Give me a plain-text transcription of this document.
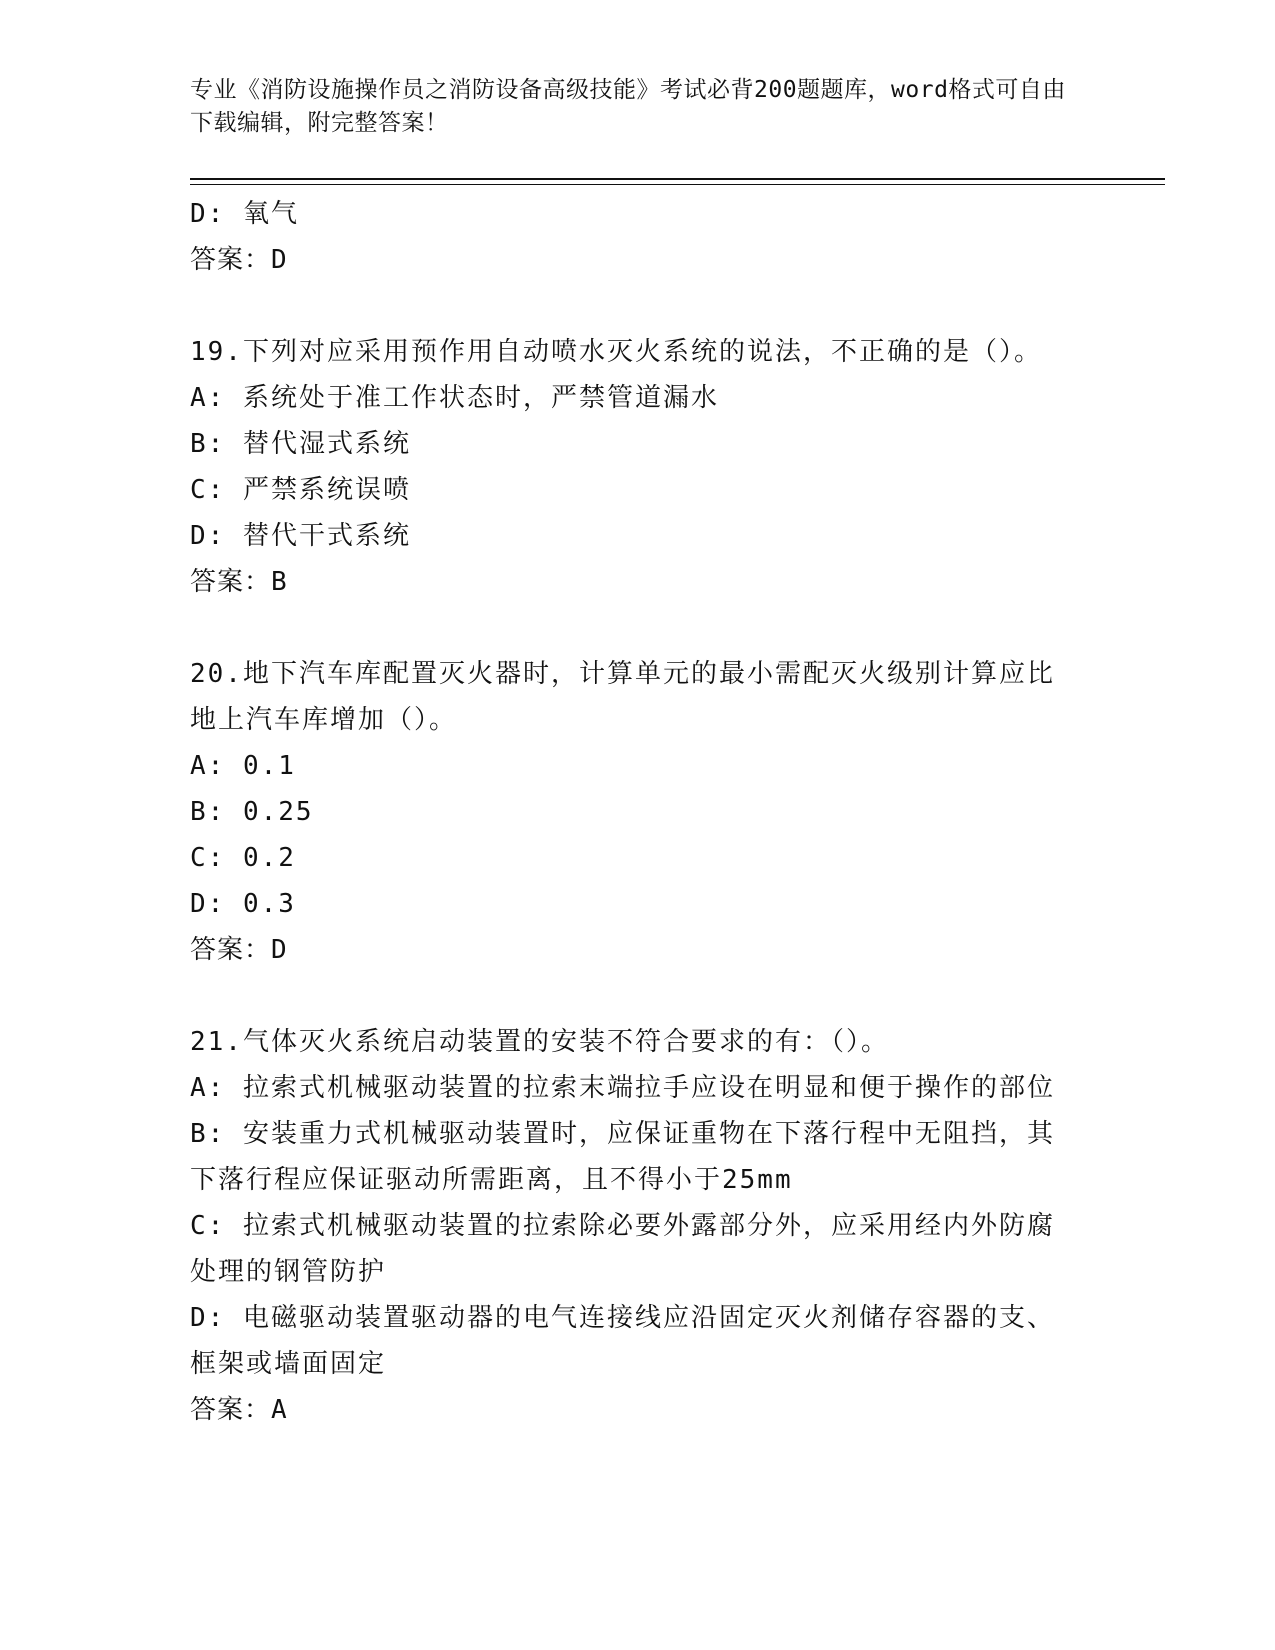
专业《消防设施操作员之消防设备高级技能》考试必背200题题库，word格式可自由下载编辑，附完整答案！
D: 氧气
答案：D
19.下列对应采用预作用自动喷水灭火系统的说法，不正确的是（）。
A: 系统处于准工作状态时，严禁管道漏水
B: 替代湿式系统
C: 严禁系统误喷
D: 替代干式系统
答案：B
20.地下汽车库配置灭火器时，计算单元的最小需配灭火级别计算应比
地上汽车库增加（）。
A: 0.1
B: 0.25
C: 0.2
D: 0.3
答案：D
21.气体灭火系统启动装置的安装不符合要求的有：（）。
A: 拉索式机械驱动装置的拉索末端拉手应设在明显和便于操作的部位
B: 安装重力式机械驱动装置时，应保证重物在下落行程中无阻挡，其
下落行程应保证驱动所需距离，且不得小于25mm
C: 拉索式机械驱动装置的拉索除必要外露部分外，应采用经内外防腐
处理的钢管防护
D: 电磁驱动装置驱动器的电气连接线应沿固定灭火剂储存容器的支、
框架或墙面固定
答案：A
